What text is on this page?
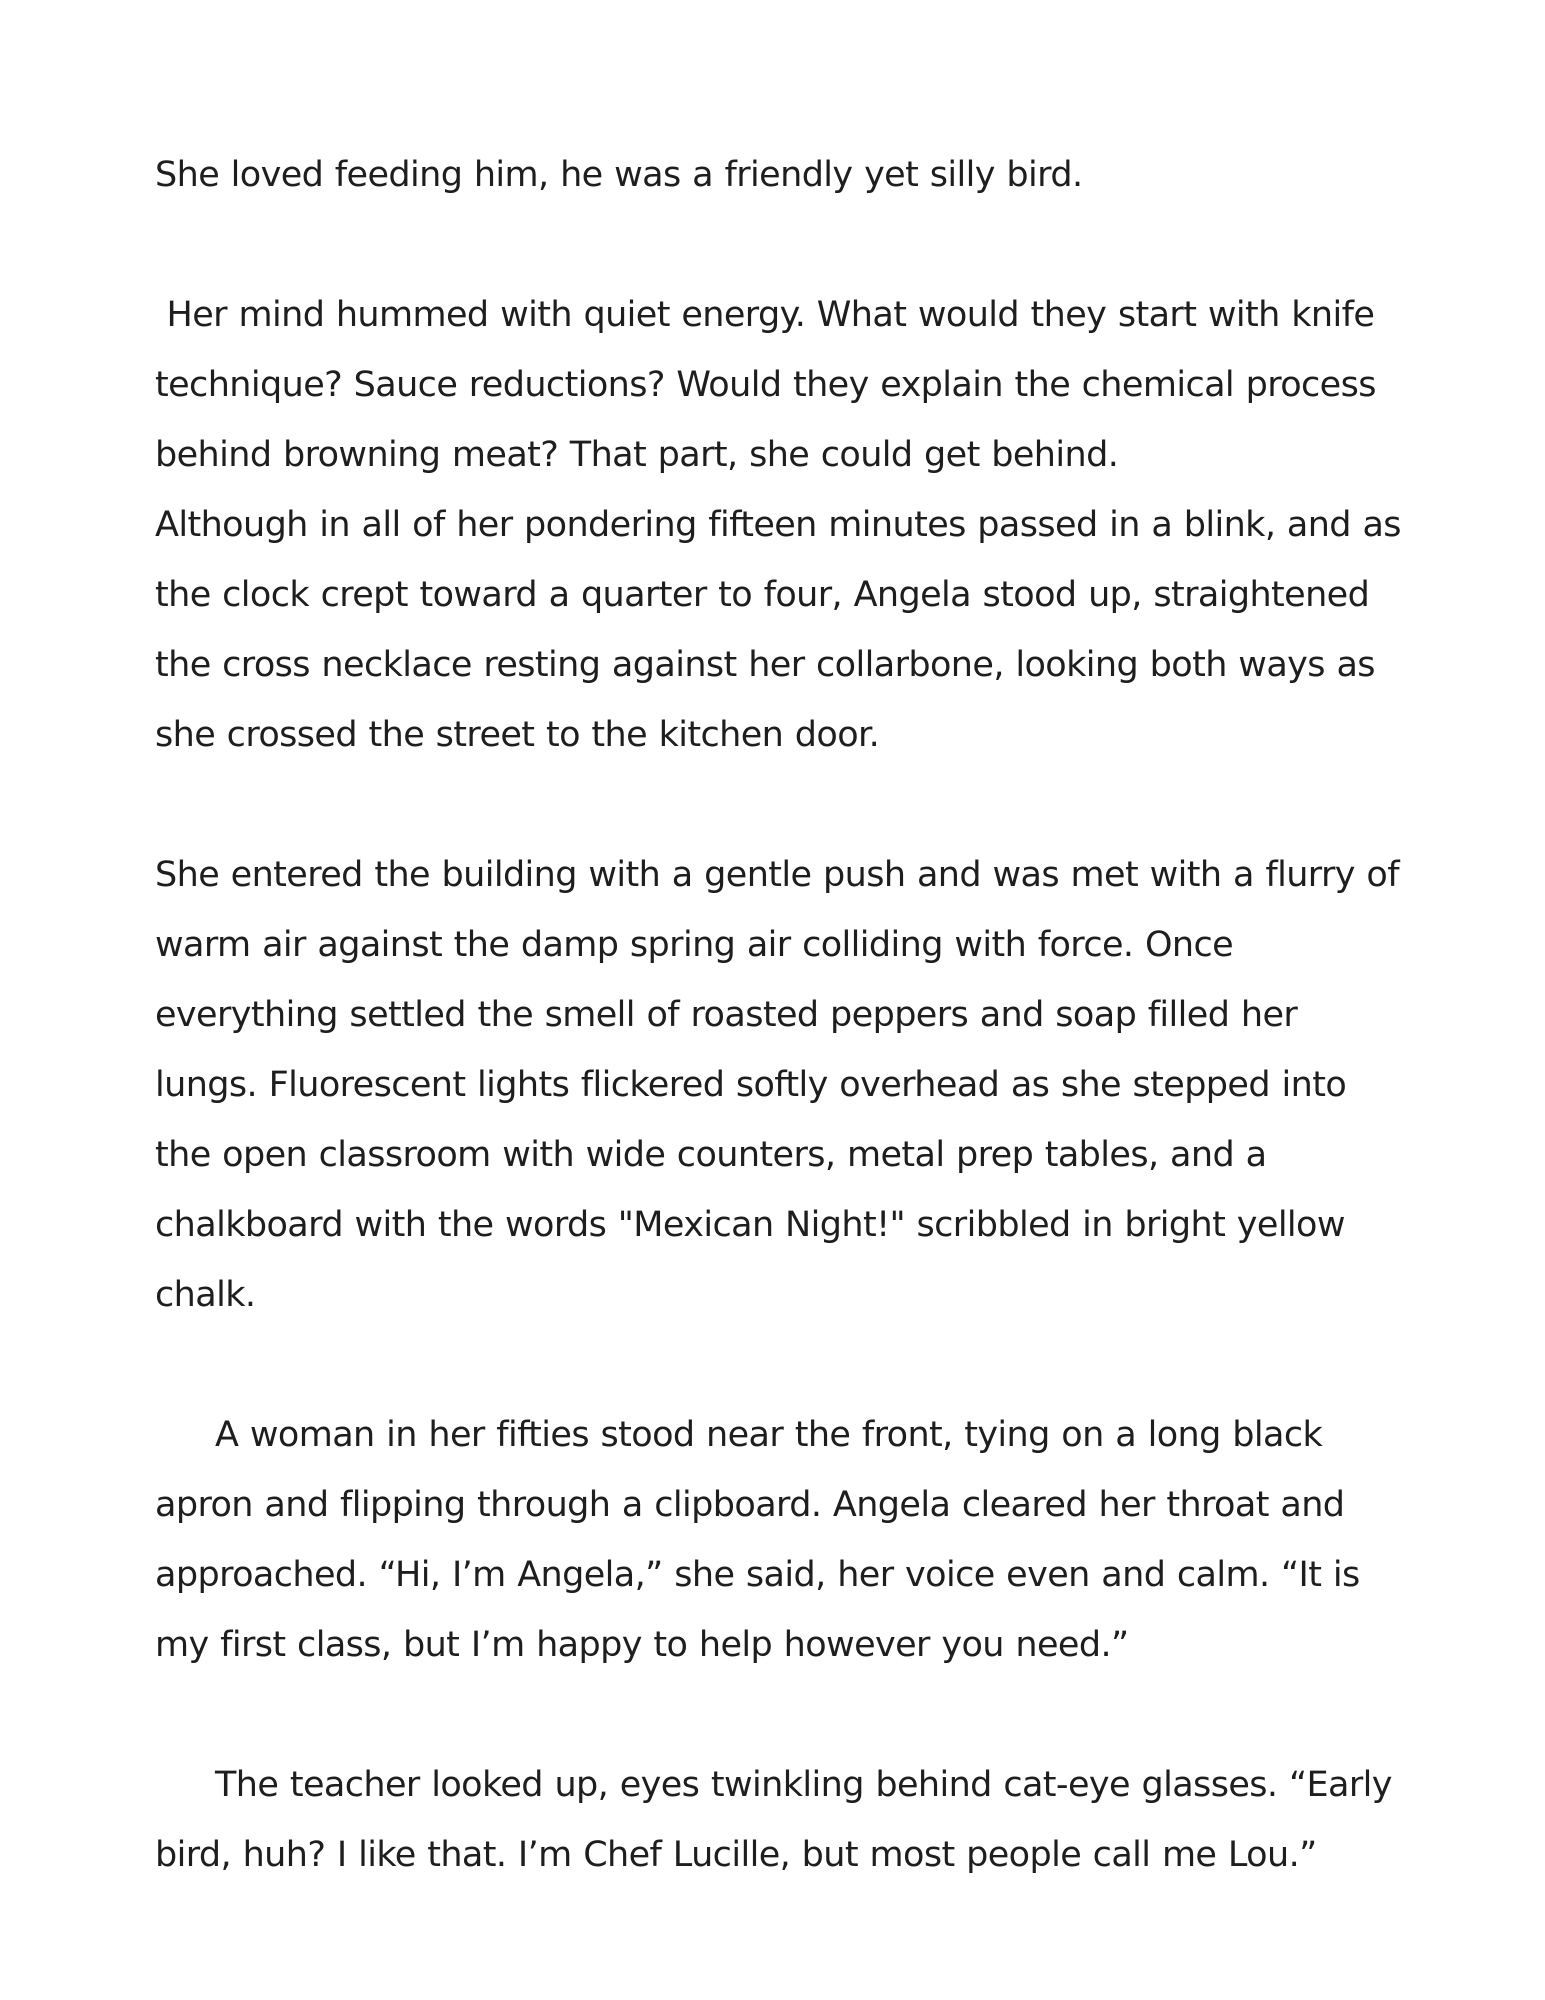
She loved feeding him, he was a friendly yet silly bird.

Her mind hummed with quiet energy. What would they start with knife technique? Sauce reductions? Would they explain the chemical process behind browning meat? That part, she could get behind.

Although in all of her pondering fifteen minutes passed in a blink, and as the clock crept toward a quarter to four, Angela stood up, straightened the cross necklace resting against her collarbone, looking both ways as she crossed the street to the kitchen door.

She entered the building with a gentle push and was met with a flurry of warm air against the damp spring air colliding with force. Once everything settled the smell of roasted peppers and soap filled her lungs. Fluorescent lights flickered softly overhead as she stepped into the open classroom with wide counters, metal prep tables, and a chalkboard with the words "Mexican Night!" scribbled in bright yellow chalk.

A woman in her fifties stood near the front, tying on a long black apron and flipping through a clipboard. Angela cleared her throat and approached. “Hi, I’m Angela,” she said, her voice even and calm. “It is my first class, but I’m happy to help however you need.”

The teacher looked up, eyes twinkling behind cat-eye glasses. “Early bird, huh? I like that. I’m Chef Lucille, but most people call me Lou.”
